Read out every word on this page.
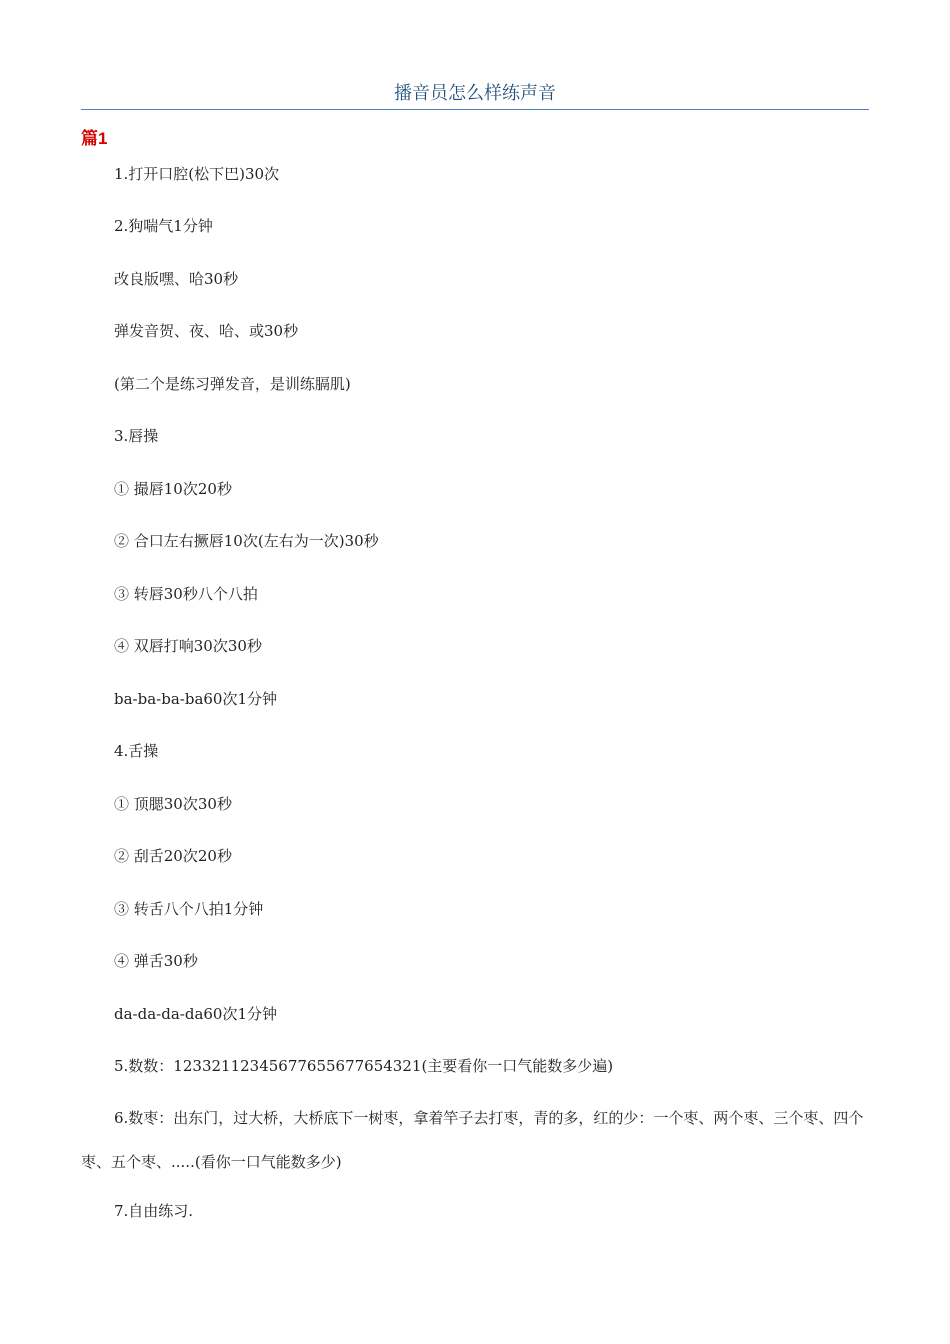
播音员怎么样练声音
篇1
1.打开口腔(松下巴)30次
2.狗喘气1分钟
改良版嘿、哈30秒
弹发音贺、夜、哈、或30秒
(第二个是练习弹发音，是训练膈肌)
3.唇操
① 撮唇10次20秒
② 合口左右撅唇10次(左右为一次)30秒
③ 转唇30秒八个八拍
④ 双唇打响30次30秒
ba-ba-ba-ba60次1分钟
4.舌操
① 顶腮30次30秒
② 刮舌20次20秒
③ 转舌八个八拍1分钟
④ 弹舌30秒
da-da-da-da60次1分钟
5.数数：123321123456776556776543​21(主要看你一口气能数多少遍)
6.数枣：出东门，过大桥，大桥底下一树枣，拿着竿子去打枣，青的多，红的少：一个枣、两个枣、三个枣、四个枣、五个枣、.....(看你一口气能数多少)
7.自由练习.
